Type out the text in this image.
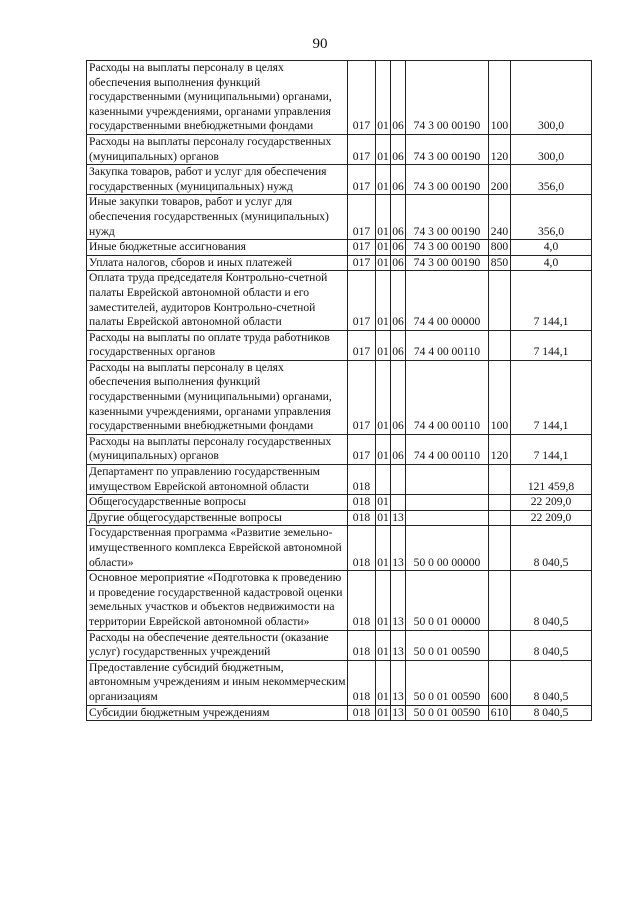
90
Расходы на выплаты персоналу в целях обеспечения выполнения функций государственными (муниципальными) органами, казенными учреждениями, органами управления государственными внебюджетными фондами	017	01	06	74 3 00 00190	100	300,0
Расходы на выплаты персоналу государственных (муниципальных) органов	017	01	06	74 3 00 00190	120	300,0
Закупка товаров, работ и услуг для обеспечения государственных (муниципальных) нужд	017	01	06	74 3 00 00190	200	356,0
Иные закупки товаров, работ и услуг для обеспечения государственных (муниципальных) нужд	017	01	06	74 3 00 00190	240	356,0
Иные бюджетные ассигнования	017	01	06	74 3 00 00190	800	4,0
Уплата налогов, сборов и иных платежей	017	01	06	74 3 00 00190	850	4,0
Оплата труда председателя Контрольно-счетной палаты Еврейской автономной области и его заместителей, аудиторов Контрольно-счетной палаты Еврейской автономной области	017	01	06	74 4 00 00000		7 144,1
Расходы на выплаты по оплате труда работников государственных органов	017	01	06	74 4 00 00110		7 144,1
Расходы на выплаты персоналу в целях обеспечения выполнения функций государственными (муниципальными) органами, казенными учреждениями, органами управления государственными внебюджетными фондами	017	01	06	74 4 00 00110	100	7 144,1
Расходы на выплаты персоналу государственных (муниципальных) органов	017	01	06	74 4 00 00110	120	7 144,1
Департамент по управлению государственным имуществом Еврейской автономной области	018					121 459,8
Общегосударственные вопросы	018	01				22 209,0
Другие общегосударственные вопросы	018	01	13			22 209,0
Государственная программа «Развитие земельно-имущественного комплекса Еврейской автономной области»	018	01	13	50 0 00 00000		8 040,5
Основное мероприятие «Подготовка к проведению и проведение государственной кадастровой оценки земельных участков и объектов недвижимости на территории Еврейской автономной области»	018	01	13	50 0 01 00000		8 040,5
Расходы на обеспечение деятельности (оказание услуг) государственных учреждений	018	01	13	50 0 01 00590		8 040,5
Предоставление субсидий бюджетным, автономным учреждениям и иным некоммерческим организациям	018	01	13	50 0 01 00590	600	8 040,5
Субсидии бюджетным учреждениям	018	01	13	50 0 01 00590	610	8 040,5
